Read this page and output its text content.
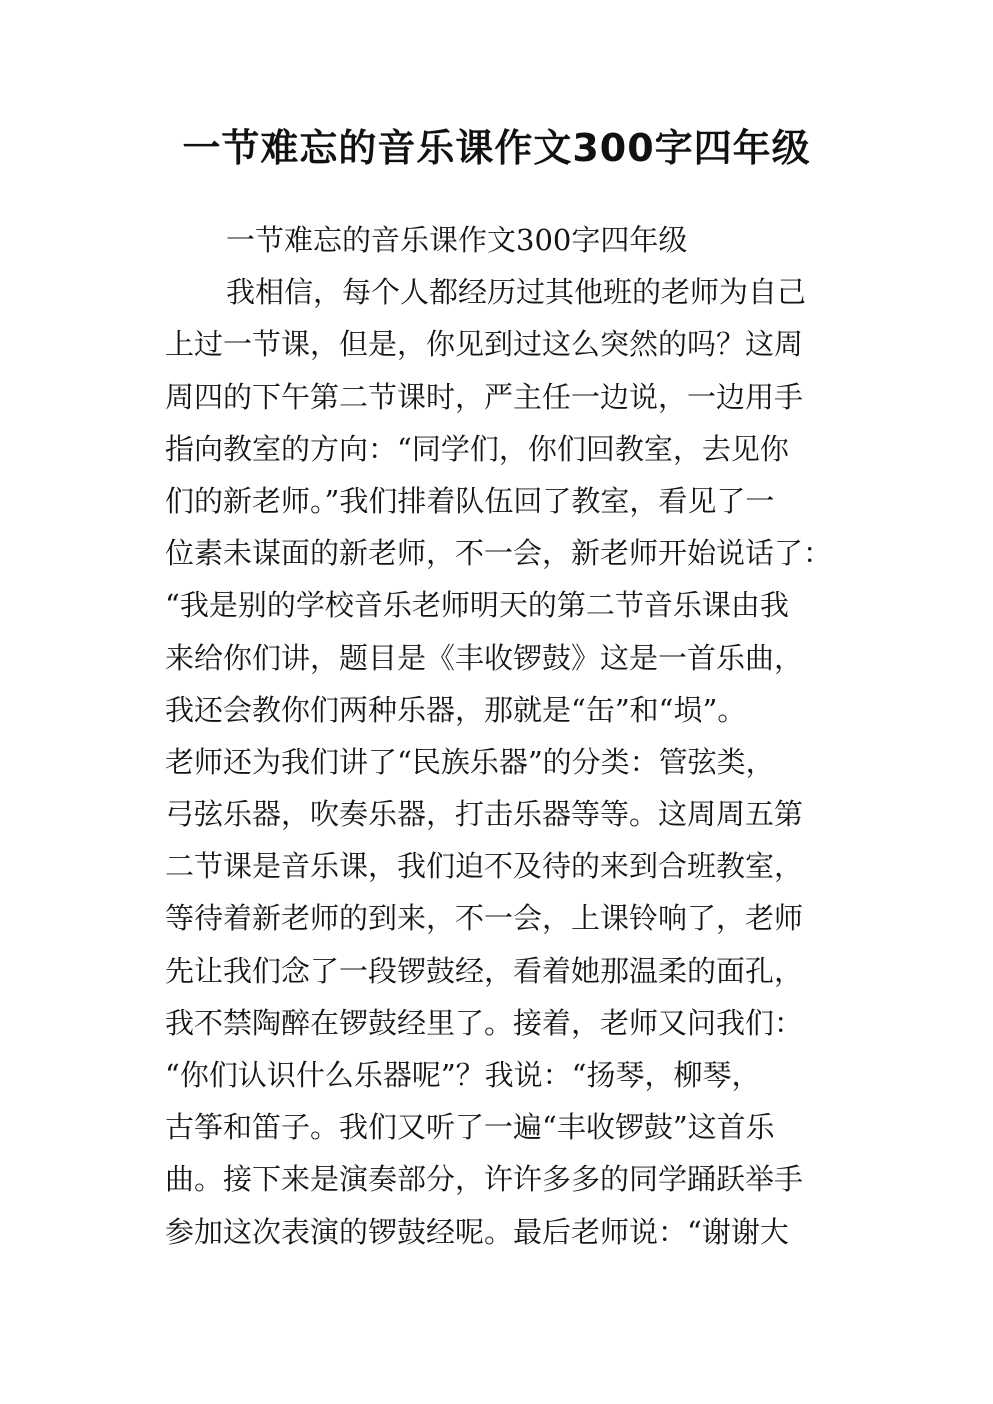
一节难忘的音乐课作文300字四年级
一节难忘的音乐课作文300字四年级
我相信，每个人都经历过其他班的老师为自己
上过一节课，但是，你见到过这么突然的吗？这周
周四的下午第二节课时，严主任一边说，一边用手
指向教室的方向：“同学们，你们回教室，去见你
们的新老师。”我们排着队伍回了教室，看见了一
位素未谋面的新老师，不一会，新老师开始说话了：
“我是别的学校音乐老师明天的第二节音乐课由我
来给你们讲，题目是《丰收锣鼓》这是一首乐曲，
我还会教你们两种乐器，那就是“缶”和“埙”。
老师还为我们讲了“民族乐器”的分类：管弦类，
弓弦乐器，吹奏乐器，打击乐器等等。这周周五第
二节课是音乐课，我们迫不及待的来到合班教室，
等待着新老师的到来，不一会，上课铃响了，老师
先让我们念了一段锣鼓经，看着她那温柔的面孔，
我不禁陶醉在锣鼓经里了。接着，老师又问我们：
“你们认识什么乐器呢”？我说：“扬琴，柳琴，
古筝和笛子。我们又听了一遍“丰收锣鼓”这首乐
曲。接下来是演奏部分，许许多多的同学踊跃举手
参加这次表演的锣鼓经呢。最后老师说：“谢谢大
